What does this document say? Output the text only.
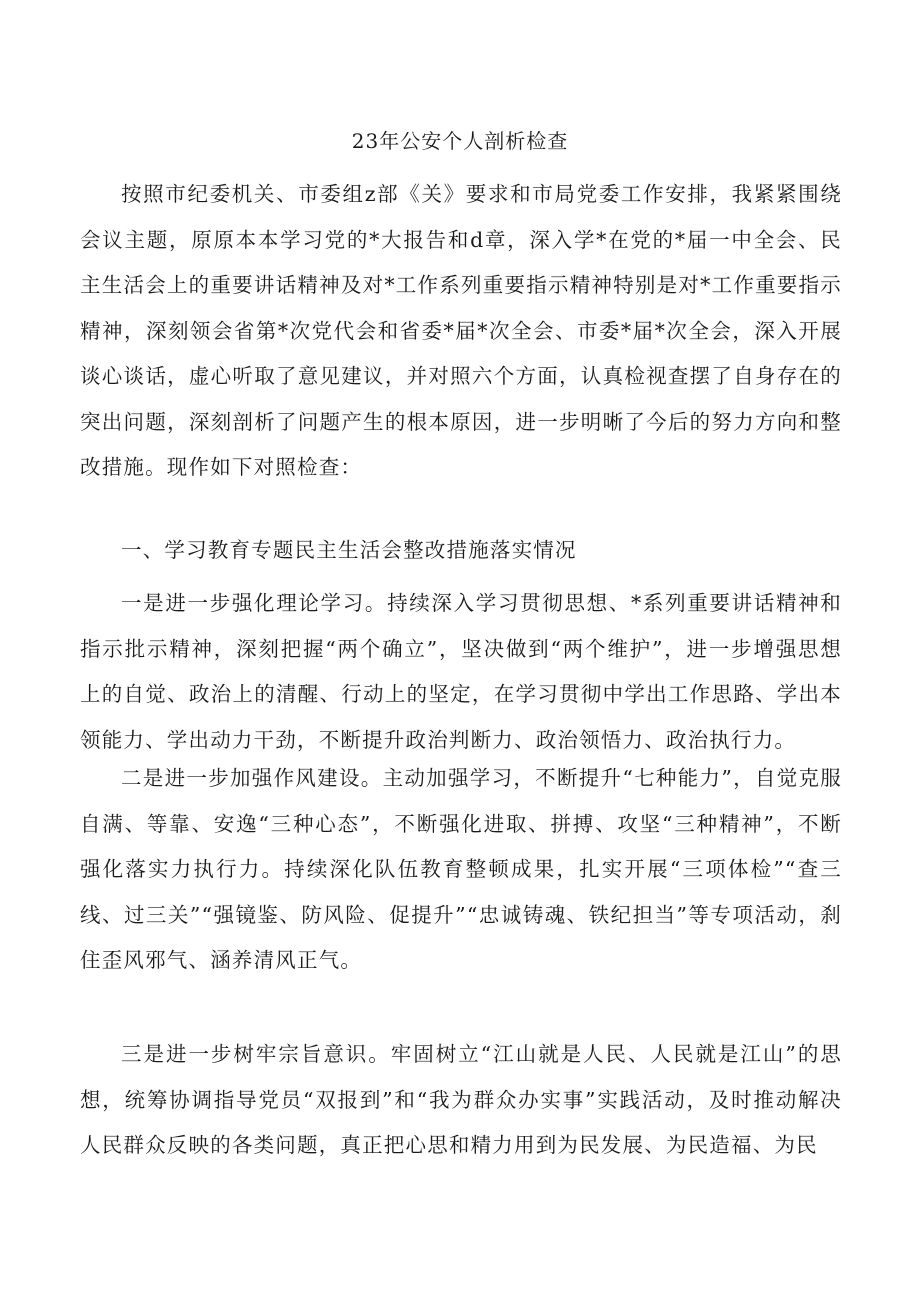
23年公安个人剖析检查

按照市纪委机关、市委组z部《关》要求和市局党委工作安排，我紧紧围绕会议主题，原原本本学习党的*大报告和d章，深入学*在党的*届一中全会、民主生活会上的重要讲话精神及对*工作系列重要指示精神特别是对*工作重要指示精神，深刻领会省第*次党代会和省委*届*次全会、市委*届*次全会，深入开展谈心谈话，虚心听取了意见建议，并对照六个方面，认真检视查摆了自身存在的突出问题，深刻剖析了问题产生的根本原因，进一步明晰了今后的努力方向和整改措施。现作如下对照检查：

一、学习教育专题民主生活会整改措施落实情况

一是进一步强化理论学习。持续深入学习贯彻思想、*系列重要讲话精神和指示批示精神，深刻把握“两个确立”，坚决做到“两个维护”，进一步增强思想上的自觉、政治上的清醒、行动上的坚定，在学习贯彻中学出工作思路、学出本领能力、学出动力干劲，不断提升政治判断力、政治领悟力、政治执行力。

二是进一步加强作风建设。主动加强学习，不断提升“七种能力”，自觉克服自满、等靠、安逸“三种心态”，不断强化进取、拼搏、攻坚“三种精神”，不断强化落实力执行力。持续深化队伍教育整顿成果，扎实开展“三项体检”“查三线、过三关”“强镜鉴、防风险、促提升”“忠诚铸魂、铁纪担当”等专项活动，刹住歪风邪气、涵养清风正气。

三是进一步树牢宗旨意识。牢固树立“江山就是人民、人民就是江山”的思想，统筹协调指导党员“双报到”和“我为群众办实事”实践活动，及时推动解决人民群众反映的各类问题，真正把心思和精力用到为民发展、为民造福、为民
